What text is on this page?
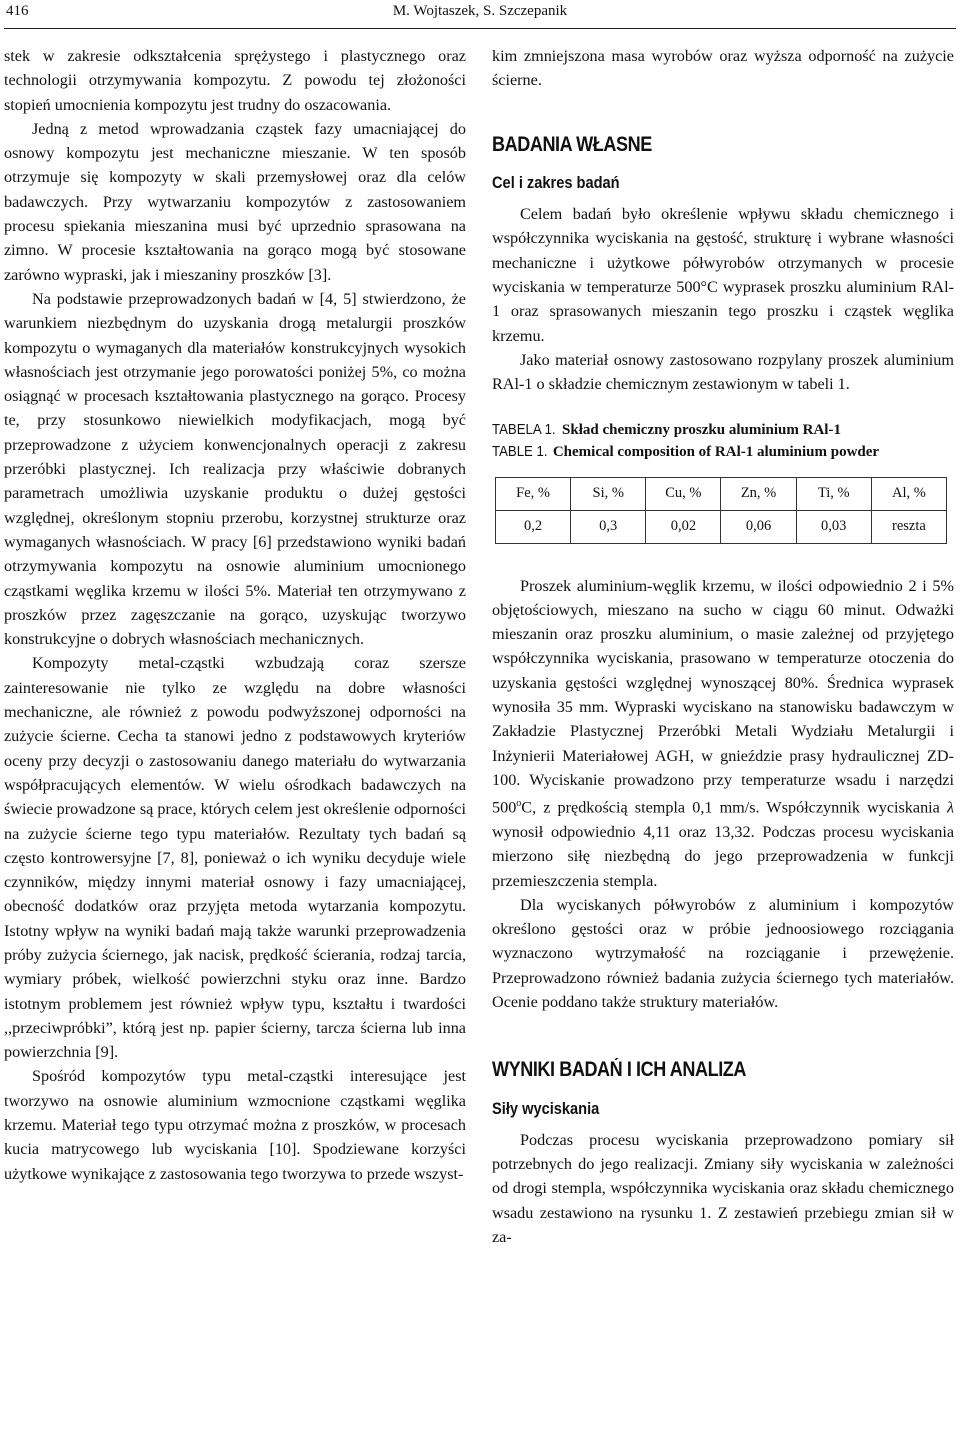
416	M. Wojtaszek, S. Szczepanik

stek w zakresie odkształcenia sprężystego i plastycznego oraz technologii otrzymywania kompozytu. Z powodu tej złożoności stopień umocnienia kompozytu jest trudny do oszacowania.

Jedną z metod wprowadzania cząstek fazy umacniającej do osnowy kompozytu jest mechaniczne mieszanie. W ten sposób otrzymuje się kompozyty w skali przemysłowej oraz dla celów badawczych. Przy wytwarzaniu kompozytów z zastosowaniem procesu spiekania mieszanina musi być uprzednio sprasowana na zimno. W procesie kształtowania na gorąco mogą być stosowane zarówno wypraski, jak i mieszaniny proszków [3].

Na podstawie przeprowadzonych badań w [4, 5] stwierdzono, że warunkiem niezbędnym do uzyskania drogą metalurgii proszków kompozytu o wymaganych dla materiałów konstrukcyjnych wysokich własnościach jest otrzymanie jego porowatości poniżej 5%, co można osiągnąć w procesach kształtowania plastycznego na gorąco. Procesy te, przy stosunkowo niewielkich modyfikacjach, mogą być przeprowadzone z użyciem konwencjonalnych operacji z zakresu przeróbki plastycznej. Ich realizacja przy właściwie dobranych parametrach umożliwia uzyskanie produktu o dużej gęstości względnej, określonym stopniu przerobu, korzystnej strukturze oraz wymaganych własnościach. W pracy [6] przedstawiono wyniki badań otrzymywania kompozytu na osnowie aluminium umocnionego cząstkami węglika krzemu w ilości 5%. Materiał ten otrzymywano z proszków przez zagęszczanie na gorąco, uzyskując tworzywo konstrukcyjne o dobrych własnościach mechanicznych.

Kompozyty metal-cząstki wzbudzają coraz szersze zainteresowanie nie tylko ze względu na dobre własności mechaniczne, ale również z powodu podwyższonej odporności na zużycie ścierne. Cecha ta stanowi jedno z podstawowych kryteriów oceny przy decyzji o zastosowaniu danego materiału do wytwarzania współpracujących elementów. W wielu ośrodkach badawczych na świecie prowadzone są prace, których celem jest określenie odporności na zużycie ścierne tego typu materiałów. Rezultaty tych badań są często kontrowersyjne [7, 8], ponieważ o ich wyniku decyduje wiele czynników, między innymi materiał osnowy i fazy umacniającej, obecność dodatków oraz przyjęta metoda wytarzania kompozytu. Istotny wpływ na wyniki badań mają także warunki przeprowadzenia próby zużycia ściernego, jak nacisk, prędkość ścierania, rodzaj tarcia, wymiary próbek, wielkość powierzchni styku oraz inne. Bardzo istotnym problemem jest również wpływ typu, kształtu i twardości ,,przeciwpróbki”, którą jest np. papier ścierny, tarcza ścierna lub inna powierzchnia [9].

Spośród kompozytów typu metal-cząstki interesujące jest tworzywo na osnowie aluminium wzmocnione cząstkami węglika krzemu. Materiał tego typu otrzymać można z proszków, w procesach kucia matrycowego lub wyciskania [10]. Spodziewane korzyści użytkowe wynikające z zastosowania tego tworzywa to przede wszyst-

kim zmniejszona masa wyrobów oraz wyższa odporność na zużycie ścierne.

BADANIA WŁASNE
Cel i zakres badań

Celem badań było określenie wpływu składu chemicznego i współczynnika wyciskania na gęstość, strukturę i wybrane własności mechaniczne i użytkowe półwyrobów otrzymanych w procesie wyciskania w temperaturze 500°C wyprasek proszku aluminium RAl-1 oraz sprasowanych mieszanin tego proszku i cząstek węglika krzemu.

Jako materiał osnowy zastosowano rozpylany proszek aluminium RAl-1 o składzie chemicznym zestawionym w tabeli 1.

TABELA 1. Skład chemiczny proszku aluminium RAl-1
TABLE 1. Chemical composition of RAl-1 aluminium powder
Fe, %	Si, %	Cu, %	Zn, %	Ti, %	Al, %
0,2	0,3	0,02	0,06	0,03	reszta

Proszek aluminium-węglik krzemu, w ilości odpowiednio 2 i 5% objętościowych, mieszano na sucho w ciągu 60 minut. Odważki mieszanin oraz proszku aluminium, o masie zależnej od przyjętego współczynnika wyciskania, prasowano w temperaturze otoczenia do uzyskania gęstości względnej wynoszącej 80%. Średnica wyprasek wynosiła 35 mm. Wypraski wyciskano na stanowisku badawczym w Zakładzie Plastycznej Przeróbki Metali Wydziału Metalurgii i Inżynierii Materiałowej AGH, w gnieździe prasy hydraulicznej ZD-100. Wyciskanie prowadzono przy temperaturze wsadu i narzędzi 500$^o$C, z prędkością stempla 0,1 mm/s. Współczynnik wyciskania λ wynosił odpowiednio 4,11 oraz 13,32. Podczas procesu wyciskania mierzono siłę niezbędną do jego przeprowadzenia w funkcji przemieszczenia stempla.

Dla wyciskanych półwyrobów z aluminium i kompozytów określono gęstości oraz w próbie jednoosiowego rozciągania wyznaczono wytrzymałość na rozciąganie i przewężenie. Przeprowadzono również badania zużycia ściernego tych materiałów. Ocenie poddano także struktury materiałów.

WYNIKI BADAŃ I ICH ANALIZA
Siły wyciskania

Podczas procesu wyciskania przeprowadzono pomiary sił potrzebnych do jego realizacji. Zmiany siły wyciskania w zależności od drogi stempla, współczynnika wyciskania oraz składu chemicznego wsadu zestawiono na rysunku 1. Z zestawień przebiegu zmian sił w za-
